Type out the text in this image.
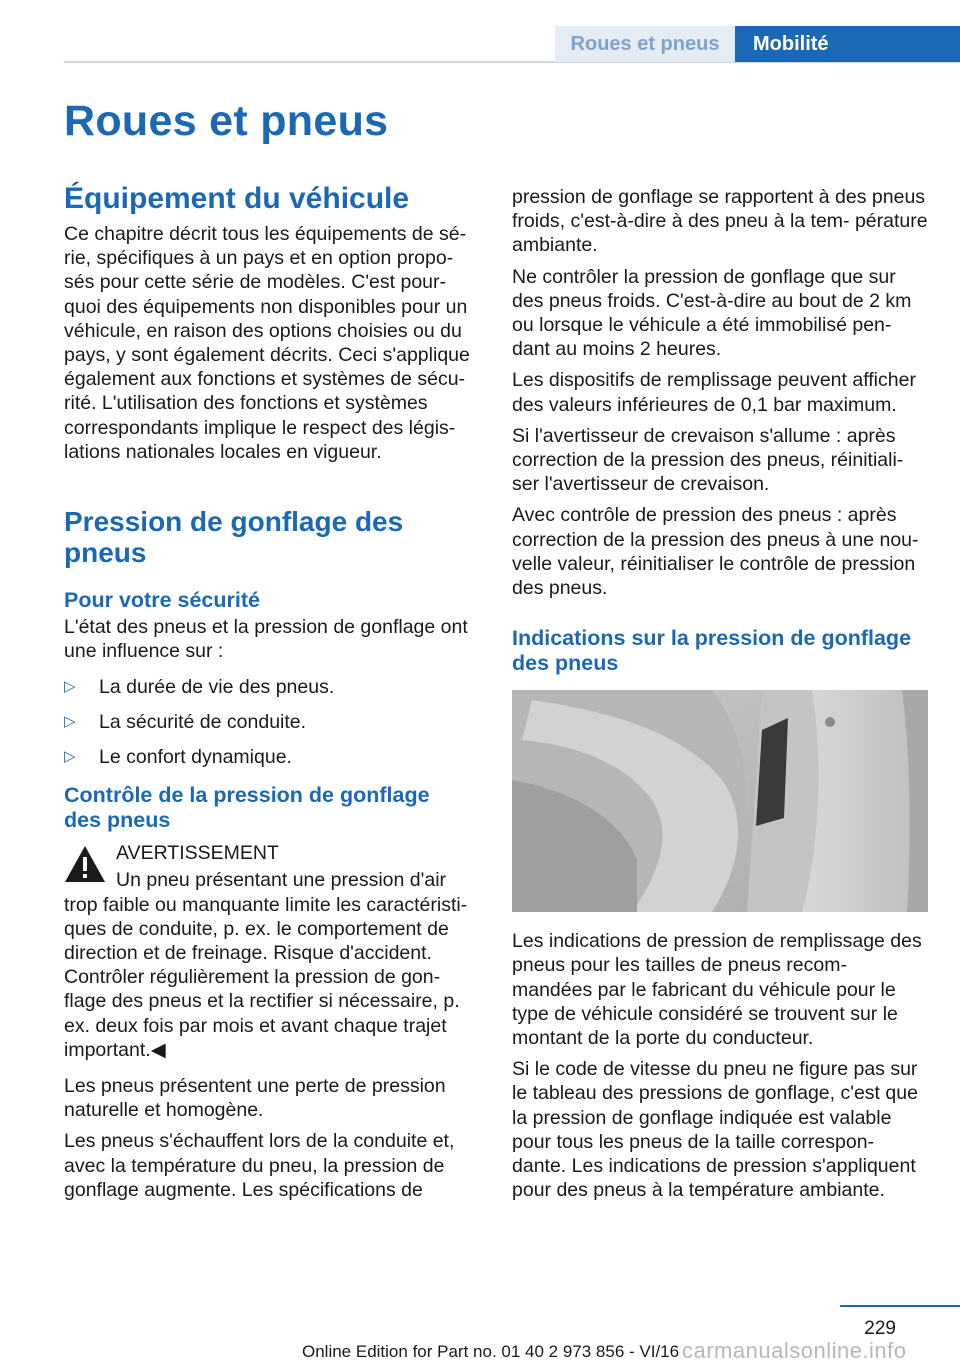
Roues et pneus	Mobilité
Roues et pneus
Équipement du véhicule

Ce chapitre décrit tous les équipements de sé‐ rie, spécifiques à un pays et en option propo‐ sés pour cette série de modèles. C'est pour‐ quoi des équipements non disponibles pour un véhicule, en raison des options choisies ou du pays, y sont également décrits. Ceci s'applique également aux fonctions et systèmes de sécu‐ rité. L'utilisation des fonctions et systèmes correspondants implique le respect des légis‐ lations nationales locales en vigueur.

Pression de gonflage des
pneus
Pour votre sécurité

L'état des pneus et la pression de gonflage ont une influence sur :

▷ La durée de vie des pneus.
▷ La sécurité de conduite.
▷ Le confort dynamique.
Contrôle de la pression de gonflage
des pneus
AVERTISSEMENT
Un pneu présentant une pression d'air

trop faible ou manquante limite les caractéristi‐ ques de conduite, p. ex. le comportement de direction et de freinage. Risque d'accident. Contrôler régulièrement la pression de gon‐ flage des pneus et la rectifier si nécessaire, p. ex. deux fois par mois et avant chaque trajet important.◀

Les pneus présentent une perte de pression naturelle et homogène.

Les pneus s'échauffent lors de la conduite et, avec la température du pneu, la pression de gonflage augmente. Les spécifications de

pression de gonflage se rapportent à des pneus froids, c'est-à-dire à des pneu à la tem‐ pérature ambiante.

Ne contrôler la pression de gonflage que sur des pneus froids. C'est-à-dire au bout de 2 km ou lorsque le véhicule a été immobilisé pen‐ dant au moins 2 heures.

Les dispositifs de remplissage peuvent afficher des valeurs inférieures de 0,1 bar maximum.

Si l'avertisseur de crevaison s'allume : après correction de la pression des pneus, réinitiali‐ ser l'avertisseur de crevaison.

Avec contrôle de pression des pneus : après correction de la pression des pneus à une nou‐ velle valeur, réinitialiser le contrôle de pression des pneus.

Indications sur la pression de gonflage
des pneus

Les indications de pression de remplissage des pneus pour les tailles de pneus recom‐ mandées par le fabricant du véhicule pour le type de véhicule considéré se trouvent sur le montant de la porte du conducteur.

Si le code de vitesse du pneu ne figure pas sur le tableau des pressions de gonflage, c'est que la pression de gonflage indiquée est valable pour tous les pneus de la taille correspon‐ dante. Les indications de pression s'appliquent pour des pneus à la température ambiante.

229
Online Edition for Part no. 01 40 2 973 856 - VI/16 carmanualsonline.info
